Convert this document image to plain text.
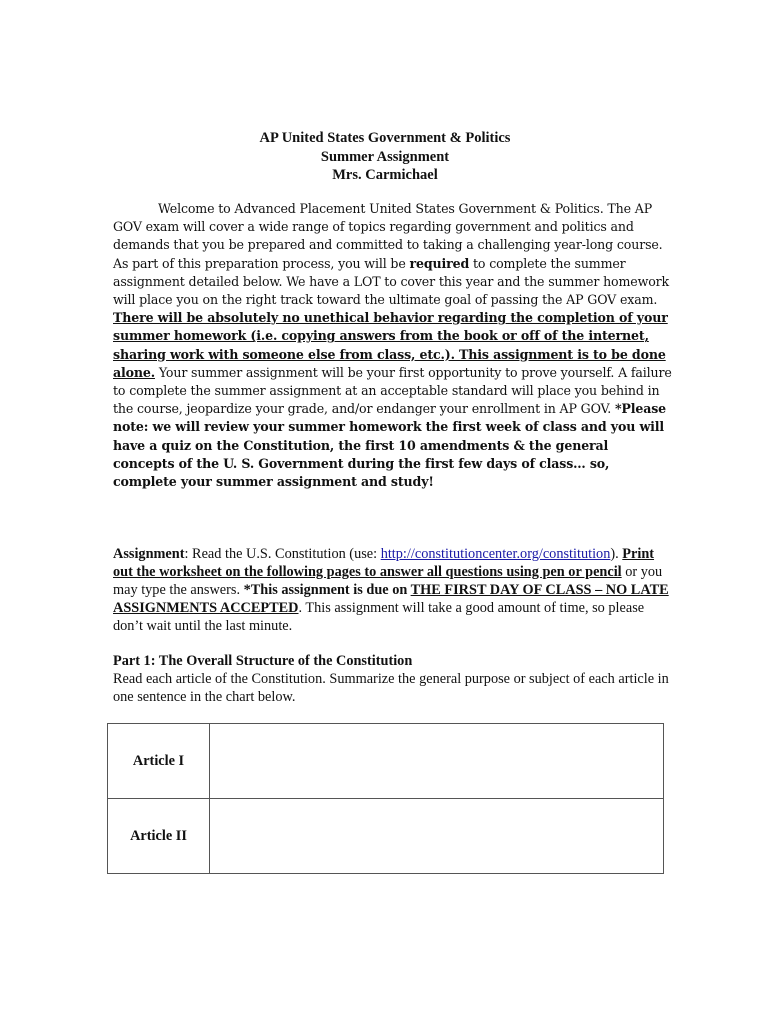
AP United States Government & Politics
Summer Assignment
Mrs. Carmichael
Welcome to Advanced Placement United States Government & Politics. The AP GOV exam will cover a wide range of topics regarding government and politics and demands that you be prepared and committed to taking a challenging year-long course. As part of this preparation process, you will be required to complete the summer assignment detailed below. We have a LOT to cover this year and the summer homework will place you on the right track toward the ultimate goal of passing the AP GOV exam. There will be absolutely no unethical behavior regarding the completion of your summer homework (i.e. copying answers from the book or off of the internet, sharing work with someone else from class, etc.). This assignment is to be done alone. Your summer assignment will be your first opportunity to prove yourself. A failure to complete the summer assignment at an acceptable standard will place you behind in the course, jeopardize your grade, and/or endanger your enrollment in AP GOV. *Please note: we will review your summer homework the first week of class and you will have a quiz on the Constitution, the first 10 amendments & the general concepts of the U. S. Government during the first few days of class… so, complete your summer assignment and study!
Assignment: Read the U.S. Constitution (use: http://constitutioncenter.org/constitution). Print out the worksheet on the following pages to answer all questions using pen or pencil or you may type the answers. *This assignment is due on THE FIRST DAY OF CLASS – NO LATE ASSIGNMENTS ACCEPTED. This assignment will take a good amount of time, so please don’t wait until the last minute.
Part 1: The Overall Structure of the Constitution
Read each article of the Constitution. Summarize the general purpose or subject of each article in one sentence in the chart below.
Article I	
Article II	
